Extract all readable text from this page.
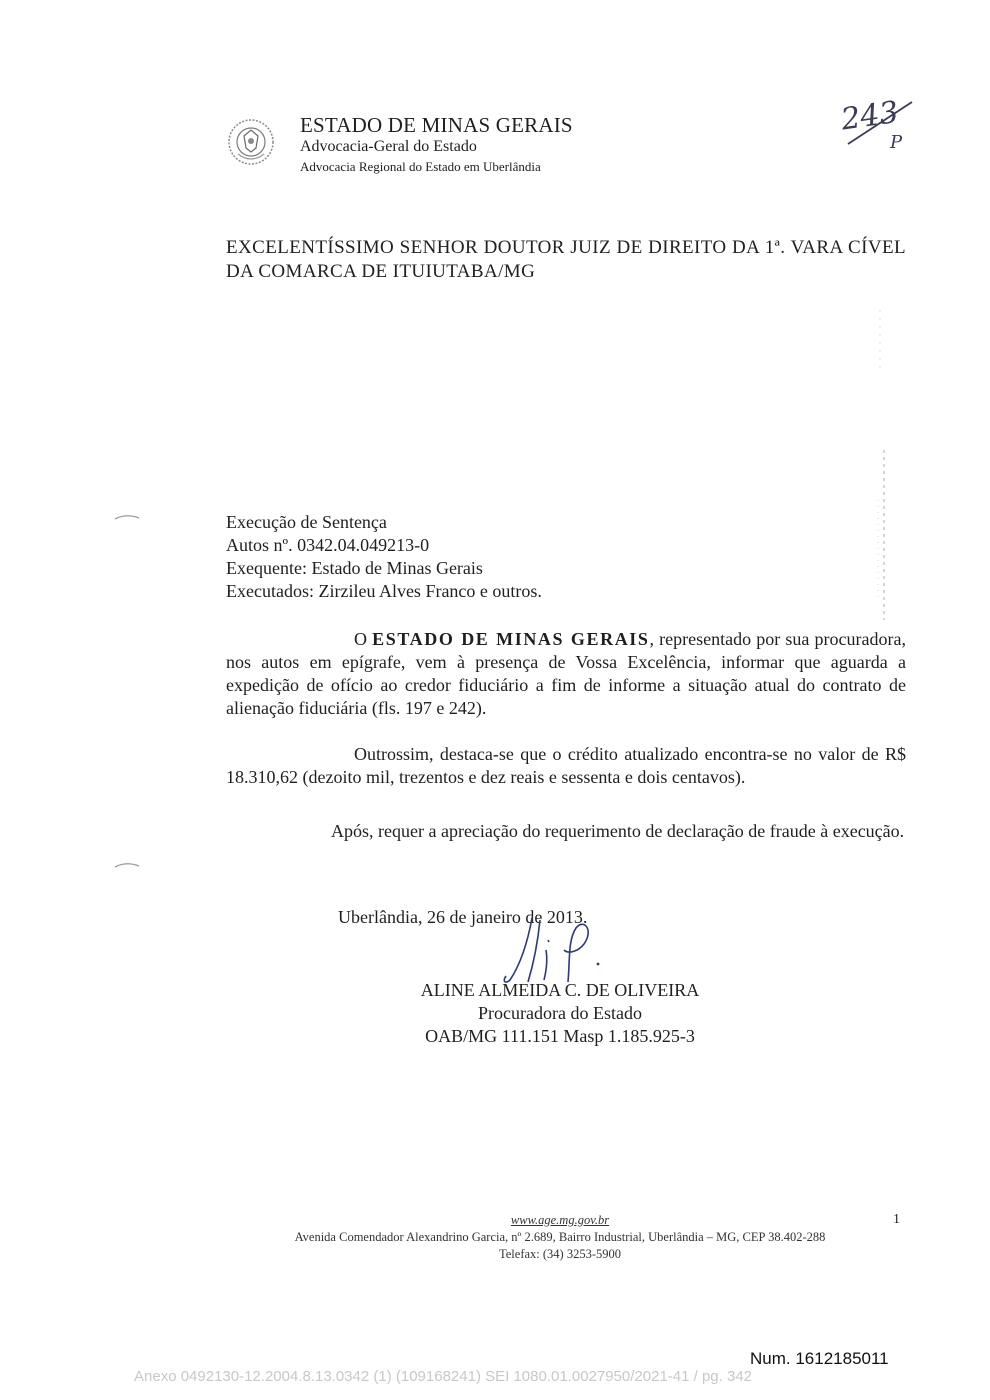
ESTADO DE MINAS GERAIS
Advocacia-Geral do Estado
Advocacia Regional do Estado em Uberlândia
243
P
EXCELENTÍSSIMO SENHOR DOUTOR JUIZ DE DIREITO DA 1ª. VARA CÍVEL DA COMARCA DE ITUIUTABA/MG
Execução de Sentença
Autos nº. 0342.04.049213-0
Exequente: Estado de Minas Gerais
Executados: Zirzileu Alves Franco e outros.
O ESTADO DE MINAS GERAIS, representado por sua procuradora, nos autos em epígrafe, vem à presença de Vossa Excelência, informar que aguarda a expedição de ofício ao credor fiduciário a fim de informe a situação atual do contrato de alienação fiduciária (fls. 197 e 242).
Outrossim, destaca-se que o crédito atualizado encontra-se no valor de R$ 18.310,62 (dezoito mil, trezentos e dez reais e sessenta e dois centavos).
Após, requer a apreciação do requerimento de declaração de fraude à execução.
Uberlândia, 26 de janeiro de 2013.
ALINE ALMEIDA C. DE OLIVEIRA
Procuradora do Estado
OAB/MG 111.151 Masp 1.185.925-3
www.age.mg.gov.br
Avenida Comendador Alexandrino Garcia, nº 2.689, Bairro Industrial, Uberlândia – MG, CEP 38.402-288
Telefax: (34) 3253-5900
1
Num. 1612185011
Anexo 0492130-12.2004.8.13.0342 (1) (109168241) SEI 1080.01.0027950/2021-41 / pg. 342
